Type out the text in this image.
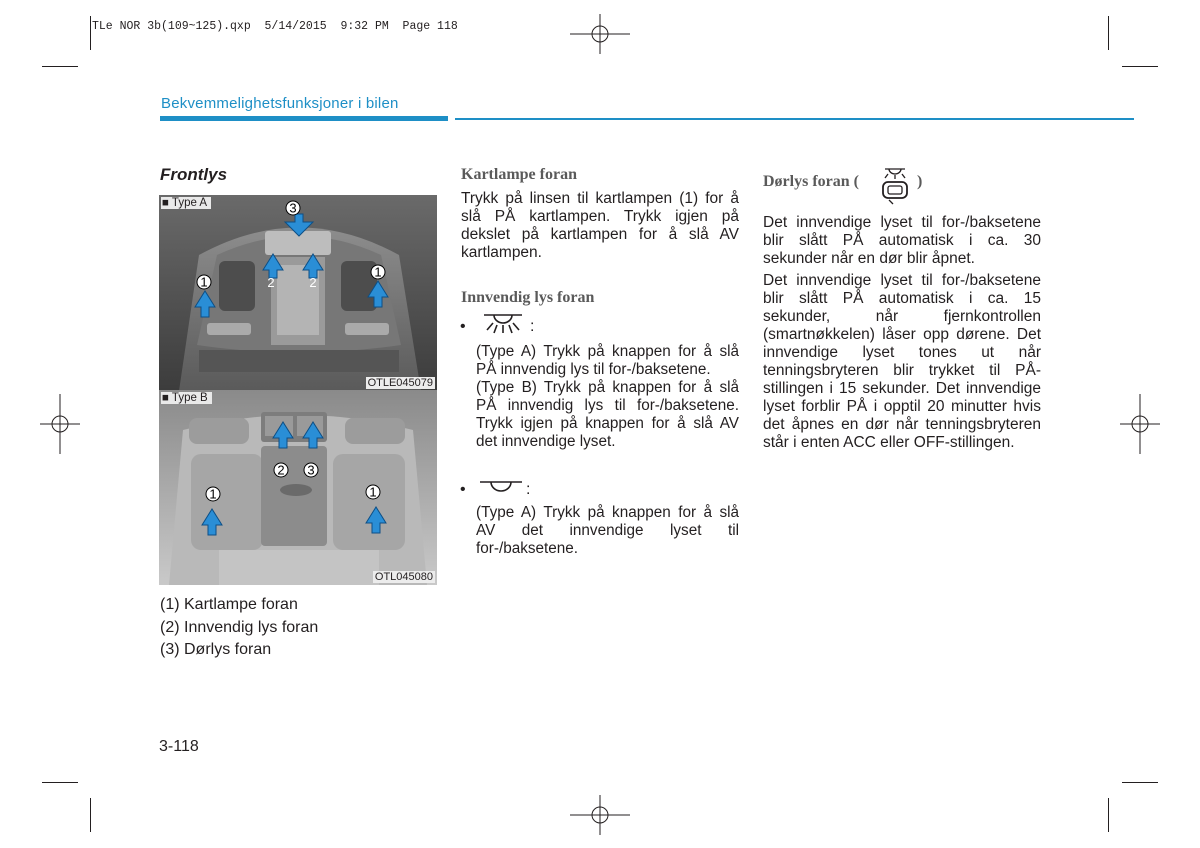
TLe NOR 3b(109~125).qxp  5/14/2015  9:32 PM  Page 118
Bekvemmelighetsfunksjoner i bilen
Frontlys
■ Type A	3
2	2
1
1
OTLE045079
■ Type B
2 3
1	1
OTL045080
(1) Kartlampe foran
(2) Innvendig lys foran
(3) Dørlys foran
3-118
Kartlampe foran

Trykk på linsen til kartlampen (1) for å slå PÅ kartlampen. Trykk igjen på dekslet på kartlampen for å slå AV kartlampen.

Innvendig lys foran
•	:

(Type A) Trykk på knappen for å slå PÅ innvendig lys til for-/baksetene.

(Type B) Trykk på knappen for å slå PÅ innvendig lys til for-/baksetene. Trykk igjen på knappen for å slå AV det innvendige lyset.

•	:

(Type A) Trykk på knappen for å slå AV det innvendige lyset til for-/baksetene.

Dørlys foran (	)

Det innvendige lyset til for-/baksetene blir slått PÅ automatisk i ca. 30 sekunder når en dør blir åpnet.

Det innvendige lyset til for-/baksetene blir slått PÅ automatisk i ca. 15 sekunder, når fjernkontrollen (smartnøkkelen) låser opp dørene. Det innvendige lyset tones ut når tenningsbryteren blir trykket til PÅ-stillingen i 15 sekunder. Det innvendige lyset forblir PÅ i opptil 20 minutter hvis det åpnes en dør når tenningsbryteren står i enten ACC eller OFF-stillingen.
